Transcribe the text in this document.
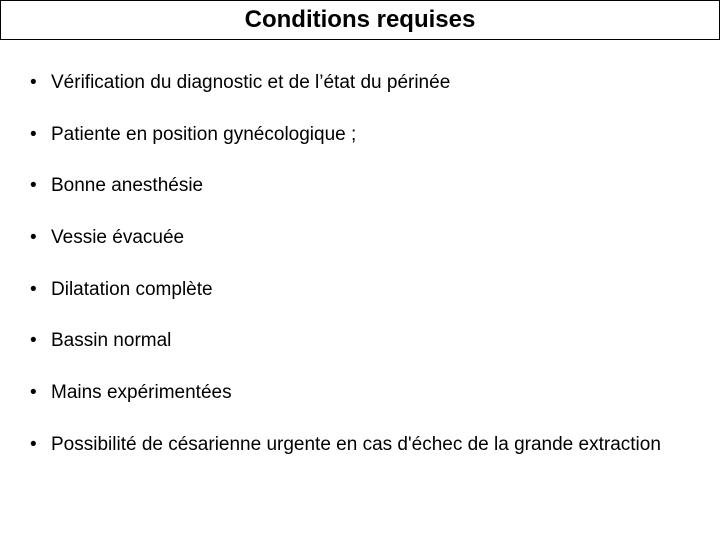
Conditions requises
• Vérification du diagnostic et de l’état du périnée
• Patiente en position gynécologique ;
• Bonne anesthésie
• Vessie évacuée
• Dilatation complète
• Bassin normal
• Mains expérimentées
• Possibilité de césarienne urgente en cas d'échec de la grande extraction
